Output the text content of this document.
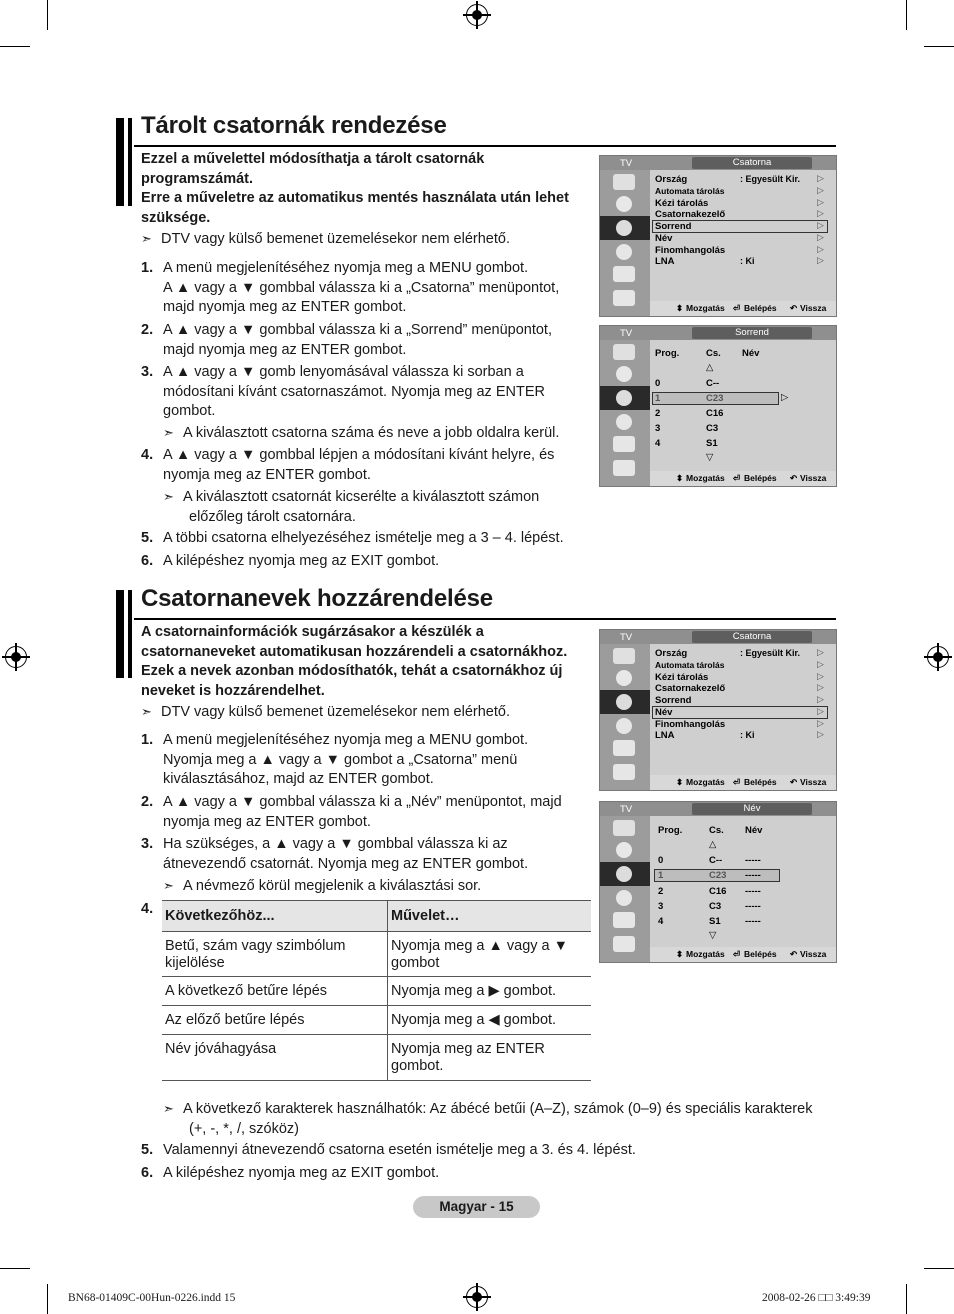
Tárolt csatornák rendezése
Ezzel a művelettel módosíthatja a tárolt csatornák
programszámát.
Erre a műveletre az automatikus mentés használata után lehet
szüksége.
➣ DTV vagy külső bemenet üzemelésekor nem elérhető.
1. A menü megjelenítéséhez nyomja meg a MENU gombot.
A ▲ vagy a ▼ gombbal válassza ki a „Csatorna” menüpontot,
majd nyomja meg az ENTER gombot.
2. A ▲ vagy a ▼ gombbal válassza ki a „Sorrend” menüpontot,
majd nyomja meg az ENTER gombot.
3. A ▲ vagy a ▼ gomb lenyomásával válassza ki sorban a
módosítani kívánt csatornaszámot. Nyomja meg az ENTER
gombot.
➣ A kiválasztott csatorna száma és neve a jobb oldalra kerül.
4. A ▲ vagy a ▼ gombbal lépjen a módosítani kívánt helyre, és
nyomja meg az ENTER gombot.
➣ A kiválasztott csatornát kicserélte a kiválasztott számon
előzőleg tárolt csatornára.
5. A többi csatorna elhelyezéséhez ismételje meg a 3 – 4. lépést.
6. A kilépéshez nyomja meg az EXIT gombot.
TV	Csatorna
Ország	: Egyesült Kir. ▷
Automata tárolás	▷
Kézi tárolás	▷
Csatornakezelő	▷
Sorrend	▷
Név	▷
Finomhangolás	▷
LNA	: Ki	▷
⬍ Mozgatás ⏎ Belépés ↶ Vissza
TV	Sorrend
Prog.	Cs. Név
△
0	C--
1	C23	▷
2	C16
3	C3
4	S1
▽
⬍ Mozgatás ⏎ Belépés ↶ Vissza
Csatornanevek hozzárendelése
A csatornainformációk sugárzásakor a készülék a
csatornaneveket automatikusan hozzárendeli a csatornákhoz.
Ezek a nevek azonban módosíthatók, tehát a csatornákhoz új
neveket is hozzárendelhet.
➣ DTV vagy külső bemenet üzemelésekor nem elérhető.
1. A menü megjelenítéséhez nyomja meg a MENU gombot.
Nyomja meg a ▲ vagy a ▼ gombot a „Csatorna” menü
kiválasztásához, majd az ENTER gombot.
2. A ▲ vagy a ▼ gombbal válassza ki a „Név” menüpontot, majd
nyomja meg az ENTER gombot.
3. Ha szükséges, a ▲ vagy a ▼ gombbal válassza ki az
átnevezendő csatornát. Nyomja meg az ENTER gombot.
➣ A névmező körül megjelenik a kiválasztási sor.
4. Következőhöz...	Művelet…
Betű, szám vagy szimbólum kijelölése	Nyomja meg a ▲ vagy a ▼ gombot
A következő betűre lépés	Nyomja meg a ▶ gombot.
Az előző betűre lépés	Nyomja meg a ◀ gombot.
Név jóváhagyása	Nyomja meg az ENTER gombot.
➣ A következő karakterek használhatók: Az ábécé betűi (A–Z), számok (0–9) és speciális karakterek
(+, -, *, /, szóköz)
5. Valamennyi átnevezendő csatorna esetén ismételje meg a 3. és 4. lépést.
6. A kilépéshez nyomja meg az EXIT gombot.
TV	Csatorna
Ország	: Egyesült Kir. ▷
Automata tárolás	▷
Kézi tárolás	▷
Csatornakezelő	▷
Sorrend	▷
Név	▷
Finomhangolás	▷
LNA	: Ki	▷
⬍ Mozgatás ⏎ Belépés ↶ Vissza
TV	Név
Prog.	Cs. Név
△
0	C-- -----
1	C23 -----
2	C16 -----
3	C3	-----
4	S1	-----
▽
⬍ Mozgatás ⏎ Belépés ↶ Vissza
Magyar - 15
BN68-01409C-00Hun-0226.indd 15	2008-02-26 □□ 3:49:39
